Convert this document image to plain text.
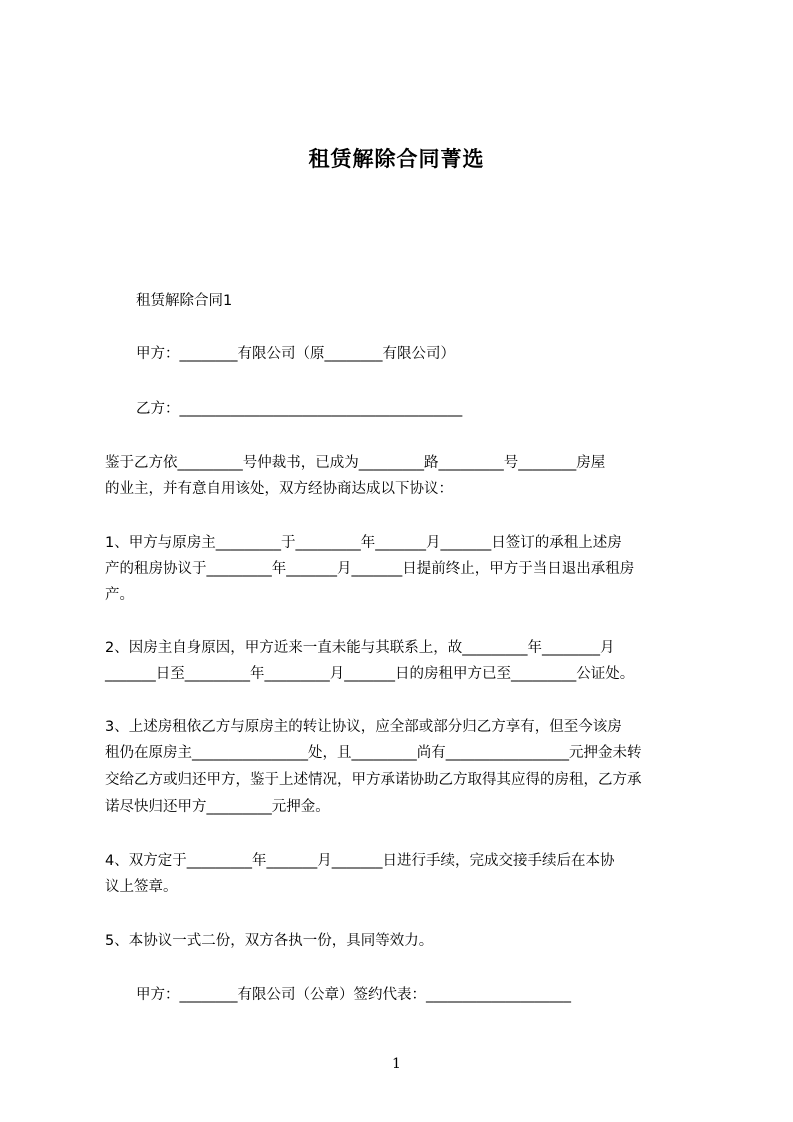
租赁解除合同菁选
租赁解除合同1
甲方：________有限公司（原________有限公司）
乙方：_______________________________________
鉴于乙方依_________号仲裁书，已成为_________路_________号________房屋
的业主，并有意自用该处，双方经协商达成以下协议：
1、甲方与原房主_________于_________年_______月_______日签订的承租上述房
产的租房协议于_________年_______月_______日提前终止，甲方于当日退出承租房
产。
2、因房主自身原因，甲方近来一直未能与其联系上，故_________年________月
_______日至_________年_________月_______日的房租甲方已至_________公证处。
3、上述房租依乙方与原房主的转让协议，应全部或部分归乙方享有，但至今该房
租仍在原房主________________处，且_________尚有_________________元押金未转
交给乙方或归还甲方，鉴于上述情况，甲方承诺协助乙方取得其应得的房租，乙方承
诺尽快归还甲方_________元押金。
4、双方定于_________年_______月_______日进行手续，完成交接手续后在本协
议上签章。
5、本协议一式二份，双方各执一份，具同等效力。
甲方：________有限公司（公章）签约代表：____________________
1
